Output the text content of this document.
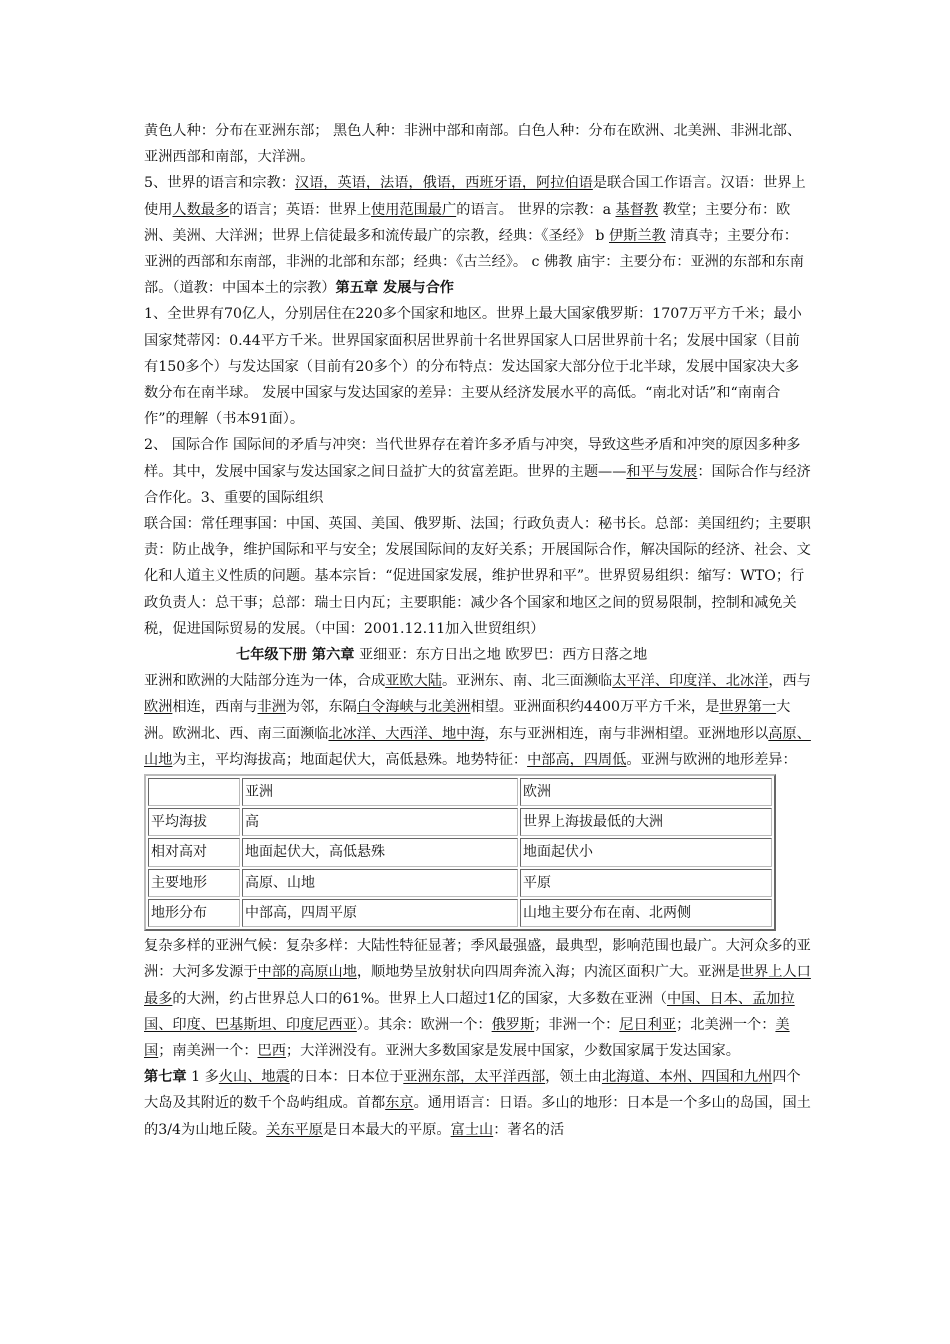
黄色人种：分布在亚洲东部； 黑色人种：非洲中部和南部。白色人种：分布在欧洲、北美洲、非洲北部、亚洲西部和南部，大洋洲。

5、世界的语言和宗教：汉语，英语，法语，俄语，西班牙语，阿拉伯语是联合国工作语言。汉语：世界上使用人数最多的语言；英语：世界上使用范围最广的语言。 世界的宗教：a 基督教 教堂；主要分布：欧洲、美洲、大洋洲；世界上信徒最多和流传最广的宗教，经典：《圣经》 b 伊斯兰教 清真寺；主要分布：亚洲的西部和东南部，非洲的北部和东部；经典：《古兰经》。 c 佛教 庙宇：主要分布：亚洲的东部和东南部。（道教：中国本土的宗教）第五章 发展与合作

1、全世界有70亿人，分别居住在220多个国家和地区。世界上最大国家俄罗斯：1707万平方千米；最小国家梵蒂冈：0.44平方千米。世界国家面积居世界前十名世界国家人口居世界前十名；发展中国家（目前有150多个）与发达国家（目前有20多个）的分布特点：发达国家大部分位于北半球，发展中国家决大多数分布在南半球。 发展中国家与发达国家的差异：主要从经济发展水平的高低。“南北对话”和“南南合作”的理解（书本91面）。

2、 国际合作 国际间的矛盾与冲突：当代世界存在着许多矛盾与冲突，导致这些矛盾和冲突的原因多种多样。其中，发展中国家与发达国家之间日益扩大的贫富差距。世界的主题——和平与发展：国际合作与经济合作化。3、重要的国际组织

联合国：常任理事国：中国、英国、美国、俄罗斯、法国；行政负责人：秘书长。总部：美国纽约；主要职责：防止战争，维护国际和平与安全；发展国际间的友好关系；开展国际合作，解决国际的经济、社会、文化和人道主义性质的问题。基本宗旨：“促进国家发展，维护世界和平”。世界贸易组织：缩写：WTO；行政负责人：总干事；总部：瑞士日内瓦；主要职能：减少各个国家和地区之间的贸易限制，控制和减免关税，促进国际贸易的发展。（中国：2001.12.11加入世贸组织）

七年级下册 第六章 亚细亚：东方日出之地 欧罗巴：西方日落之地

亚洲和欧洲的大陆部分连为一体，合成亚欧大陆。亚洲东、南、北三面濒临太平洋、印度洋、北冰洋，西与欧洲相连，西南与非洲为邻，东隔白令海峡与北美洲相望。亚洲面积约4400万平方千米，是世界第一大洲。欧洲北、西、南三面濒临北冰洋、大西洋、地中海，东与亚洲相连，南与非洲相望。亚洲地形以高原、山地为主，平均海拔高；地面起伏大，高低悬殊。地势特征：中部高，四周低。亚洲与欧洲的地形差异：

	亚洲	欧洲
平均海拔	高	世界上海拔最低的大洲
相对高对	地面起伏大，高低悬殊	地面起伏小
主要地形	高原、山地	平原
地形分布	中部高，四周平原	山地主要分布在南、北两侧

复杂多样的亚洲气候：复杂多样：大陆性特征显著；季风最强盛，最典型，影响范围也最广。大河众多的亚洲：大河多发源于中部的高原山地，顺地势呈放射状向四周奔流入海；内流区面积广大。亚洲是世界上人口最多的大洲，约占世界总人口的61%。世界上人口超过1亿的国家，大多数在亚洲（中国、日本、孟加拉国、印度、巴基斯坦、印度尼西亚）。其余：欧洲一个：俄罗斯；非洲一个：尼日利亚；北美洲一个：美国；南美洲一个：巴西；大洋洲没有。亚洲大多数国家是发展中国家，少数国家属于发达国家。

第七章 1 多火山、地震的日本：日本位于亚洲东部，太平洋西部，领土由北海道、本州、四国和九州四个大岛及其附近的数千个岛屿组成。首都东京。通用语言：日语。多山的地形：日本是一个多山的岛国，国土的3/4为山地丘陵。关东平原是日本最大的平原。富士山：著名的活
